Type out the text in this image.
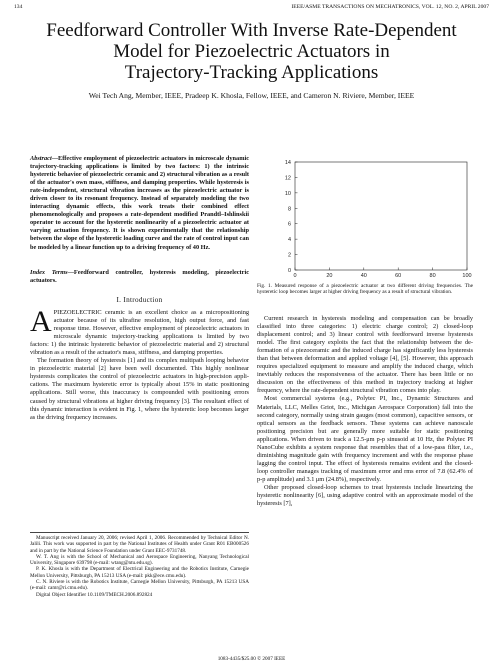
134	IEEE/ASME TRANSACTIONS ON MECHATRONICS, VOL. 12, NO. 2, APRIL 2007
Feedforward Controller With Inverse Rate-Dependent
Model for Piezoelectric Actuators in
Trajectory-Tracking Applications
Wei Tech Ang, Member, IEEE, Pradeep K. Khosla, Fellow, IEEE, and Cameron N. Riviere, Member, IEEE
Abstract—Effective employment of piezoelectric actuators in microscale dynamic trajectory-tracking applications is limited by two factors: 1) the intrinsic hysteretic behavior of piezoelectric ceramic and 2) structural vibration as a result of the actuator's own mass, stiffness, and damping properties. While hysteresis is rate-independent, structural vibration increases as the piezoelectric actuator is driven closer to its resonant frequency. Instead of separately modeling the two interacting dynamic effects, this work treats their combined effect phenomenologically and proposes a rate-dependent modified Prandtl–Ishlinskii operator to account for the hysteretic nonlinearity of a piezoelectric actuator at varying actuation frequency. It is shown experimentally that the relationship between the slope of the hysteretic loading curve and the rate of control input can be modeled by a linear function up to a driving frequency of 40 Hz.
Index Terms—Feedforward controller, hysteresis modeling, piezoelectric actuators.
I. Introduction

APIEZOELECTRIC ceramic is an excellent choice as a micropositioning actuator because of its ultrafine resolution, high output force, and fast response time. However, effective employment of piezoelectric actuators in microscale dynamic trajectory-tracking applications is limited by two factors: 1) the intrinsic hysteretic behavior of piezoelectric material and 2) structural vibration as a result of the actuator's mass, stiffness, and damping properties.

The formation theory of hysteresis [1] and its complex multipath looping behavior in piezoelectric material [2] have been well documented. This highly nonlinear hysteresis complicates the control of piezoelectric actuators in high-precision applications. The maximum hysteretic error is typically about 15% in static positioning applications. Still worse, this inaccuracy is compounded with positioning errors caused by structural vibrations at higher driving frequency [3]. The resultant effect of this dynamic interaction is evident in Fig. 1, where the hysteretic loop becomes larger as the driving frequency increases.

Manuscript received January 20, 2006; revised April 1, 2006. Recommended by Technical Editor N. Jalili. This work was supported in part by the National Institutes of Health under Grant R01 EB000526 and in part by the National Science Foundation under Grant EEC-9731748.

W. T. Ang is with the School of Mechanical and Aerospace Engineering, Nanyang Technological University, Singapore 639798 (e-mail: wtang@ntu.edu.sg).

P. K. Khosla is with the Department of Electrical Engineering and the Robotics Institute, Carnegie Mellon University, Pittsburgh, PA 15213 USA (e-mail: pkk@ece.cmu.edu).

C. N. Riviere is with the Robotics Institute, Carnegie Mellon University, Pittsburgh, PA 15213 USA (e-mail: camr@ri.cmu.edu).

Digital Object Identifier 10.1109/TMECH.2006.892824

0
2
4
6
8
10
12
14
0	20	40	60	80	100
Fig. 1. Measured response of a piezoelectric actuator at two different driving frequencies. The hysteretic loop becomes larger at higher driving frequency as a result of structural vibration.

Current research in hysteresis modeling and compensation can be broadly classified into three categories: 1) electric charge control; 2) closed-loop displacement control; and 3) linear control with feedforward inverse hysteresis model. The first category exploits the fact that the relationship between the deformation of a piezoceramic and the induced charge has significantly less hysteresis than that between deformation and applied voltage [4], [5]. However, this approach requires specialized equipment to measure and amplify the induced charge, which inevitably reduces the responsiveness of the actuator. There has been little or no discussion on the effectiveness of this method in trajectory tracking at higher frequency, where the rate-dependent structural vibration comes into play.

Most commercial systems (e.g., Polytec PI, Inc., Dynamic Structures and Materials, LLC, Melles Griot, Inc., Michigan Aerospace Corporation) fall into the second category, normally using strain gauges (most common), capacitive sensors, or optical sensors as the feedback sensors. These systems can achieve nanoscale positioning precision but are generally more suitable for static positioning applications. When driven to track a 12.5-μm p-p sinusoid at 10 Hz, the Polytec PI NanoCube exhibits a system response that resembles that of a low-pass filter, i.e., diminishing magnitude gain with frequency increment and with the response phase lagging the control input. The effect of hysteresis remains evident and the closed-loop controller manages tracking of maximum error and rms error of 7.8 (62.4% of p-p amplitude) and 3.1 μm (24.8%), respectively.

Other proposed closed-loop schemes to treat hysteresis include linearizing the hysteretic nonlinearity [6], using adaptive control with an approximate model of the hysteresis [7],

1083-4435/$25.00 © 2007 IEEE
